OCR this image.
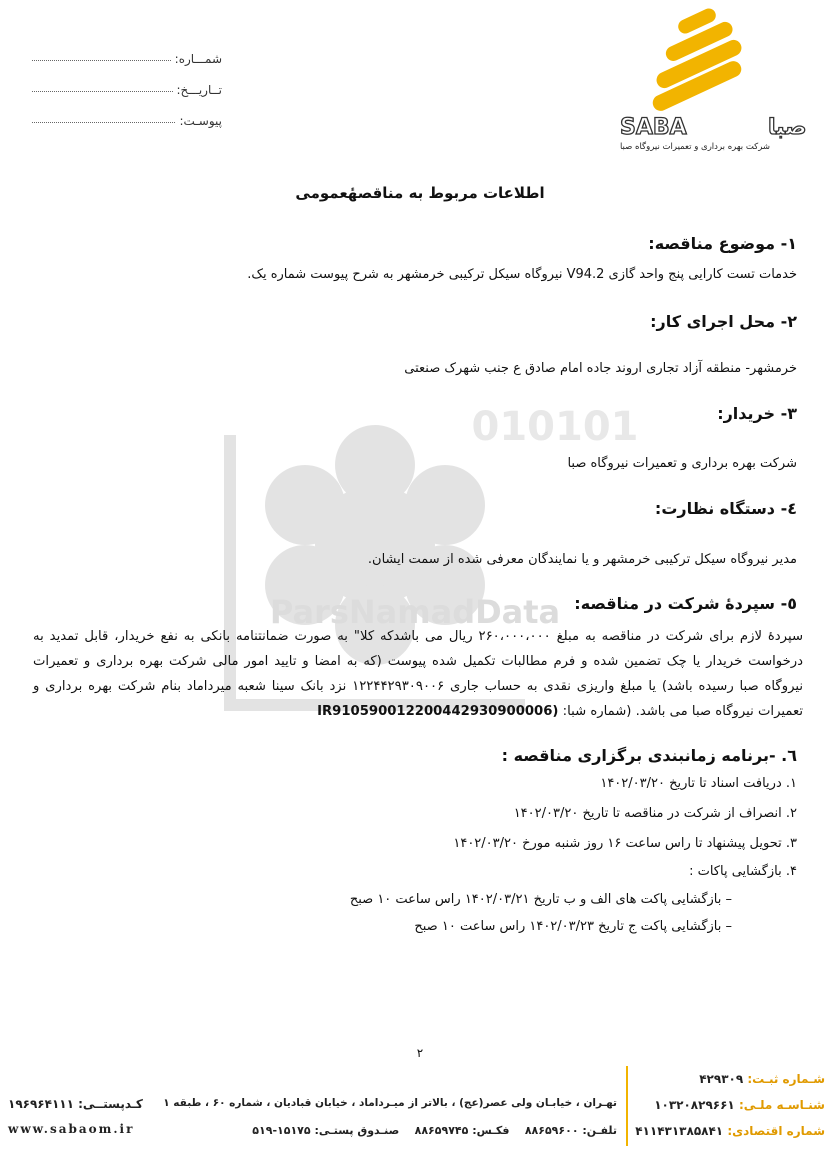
شمـــاره:
تــاریـــخ:
پیوسـت:	SABA	صبا
شرکت بهره برداری و تعمیرات نیروگاه صبا
010101
ParsNamadData
اطلاعات مربوط به مناقصهٔعمومی
۱- موضوع مناقصه:
خدمات تست کارایی پنج واحد گازی V94.2 نیروگاه سیکل ترکیبی خرمشهر به شرح پیوست شماره یک.
۲- محل اجرای کار:
خرمشهر- منطقه آزاد تجاری اروند جاده امام صادق ع جنب شهرک صنعتی
۳- خریدار:
شرکت بهره برداری و تعمیرات نیروگاه صبا
٤- دستگاه نظارت:
مدیر نیروگاه سیکل ترکیبی خرمشهر و یا نمایندگان معرفی شده از سمت ایشان.
٥- سپردهٔ شرکت در مناقصه:
سپردهٔ لازم برای شرکت در مناقصه به مبلغ ۲۶۰،۰۰۰،۰۰۰ ریال می باشدکه کلا" به صورت ضمانتنامه بانکی به نفع خریدار، قابل تمدید به درخواست خریدار یا چک تضمین شده و فرم مطالبات تکمیل شده پیوست (که به امضا و تایید امور مالی شرکت بهره برداری و تعمیرات نیروگاه صبا رسیده باشد) یا مبلغ واریزی نقدی به حساب جاری ۱۲۲۴۴۲۹۳۰۹۰۰۶ نزد بانک سینا شعبه میرداماد بنام شرکت بهره برداری و تعمیرات نیروگاه صبا می باشد. (شماره شبا: IR910590012200442930900006)
٦. -برنامه زمانبندی برگزاری مناقصه :
۱. دریافت اسناد تا تاریخ ۱۴۰۲/۰۳/۲۰
۲. انصراف از شرکت در مناقصه تا تاریخ ۱۴۰۲/۰۳/۲۰
۳. تحویل پیشنهاد تا راس ساعت ۱۶ روز شنبه مورخ ۱۴۰۲/۰۳/۲۰
۴. بازگشایی پاکات :
– بازگشایی پاکت های الف و ب تاریخ ۱۴۰۲/۰۳/۲۱ راس ساعت ۱۰ صبح
– بازگشایی پاکت ج تاریخ ۱۴۰۲/۰۳/۲۳ راس ساعت ۱۰ صبح
۲
شـماره ثبـت: ۴۲۹۳۰۹
شنـاسـه ملـی: ۱۰۳۲۰۸۲۹۶۶۱
شماره اقتصادی: ۴۱۱۴۳۱۳۸۵۸۴۱
تهـران ، خیابـان ولی عصر(عج) ، بالاتر از میـرداماد ، خیابان قبادیان ، شماره ۶۰ ، طبقه ۱
تلفـن: ۸۸۶۵۹۶۰۰    فکـس: ۸۸۶۵۹۷۴۵    صنـدوق پستـی: ۱۵۱۷۵-۵۱۹
کـدپستــی: ۱۹۶۹۶۴۱۱۱
www.sabaom.ir
